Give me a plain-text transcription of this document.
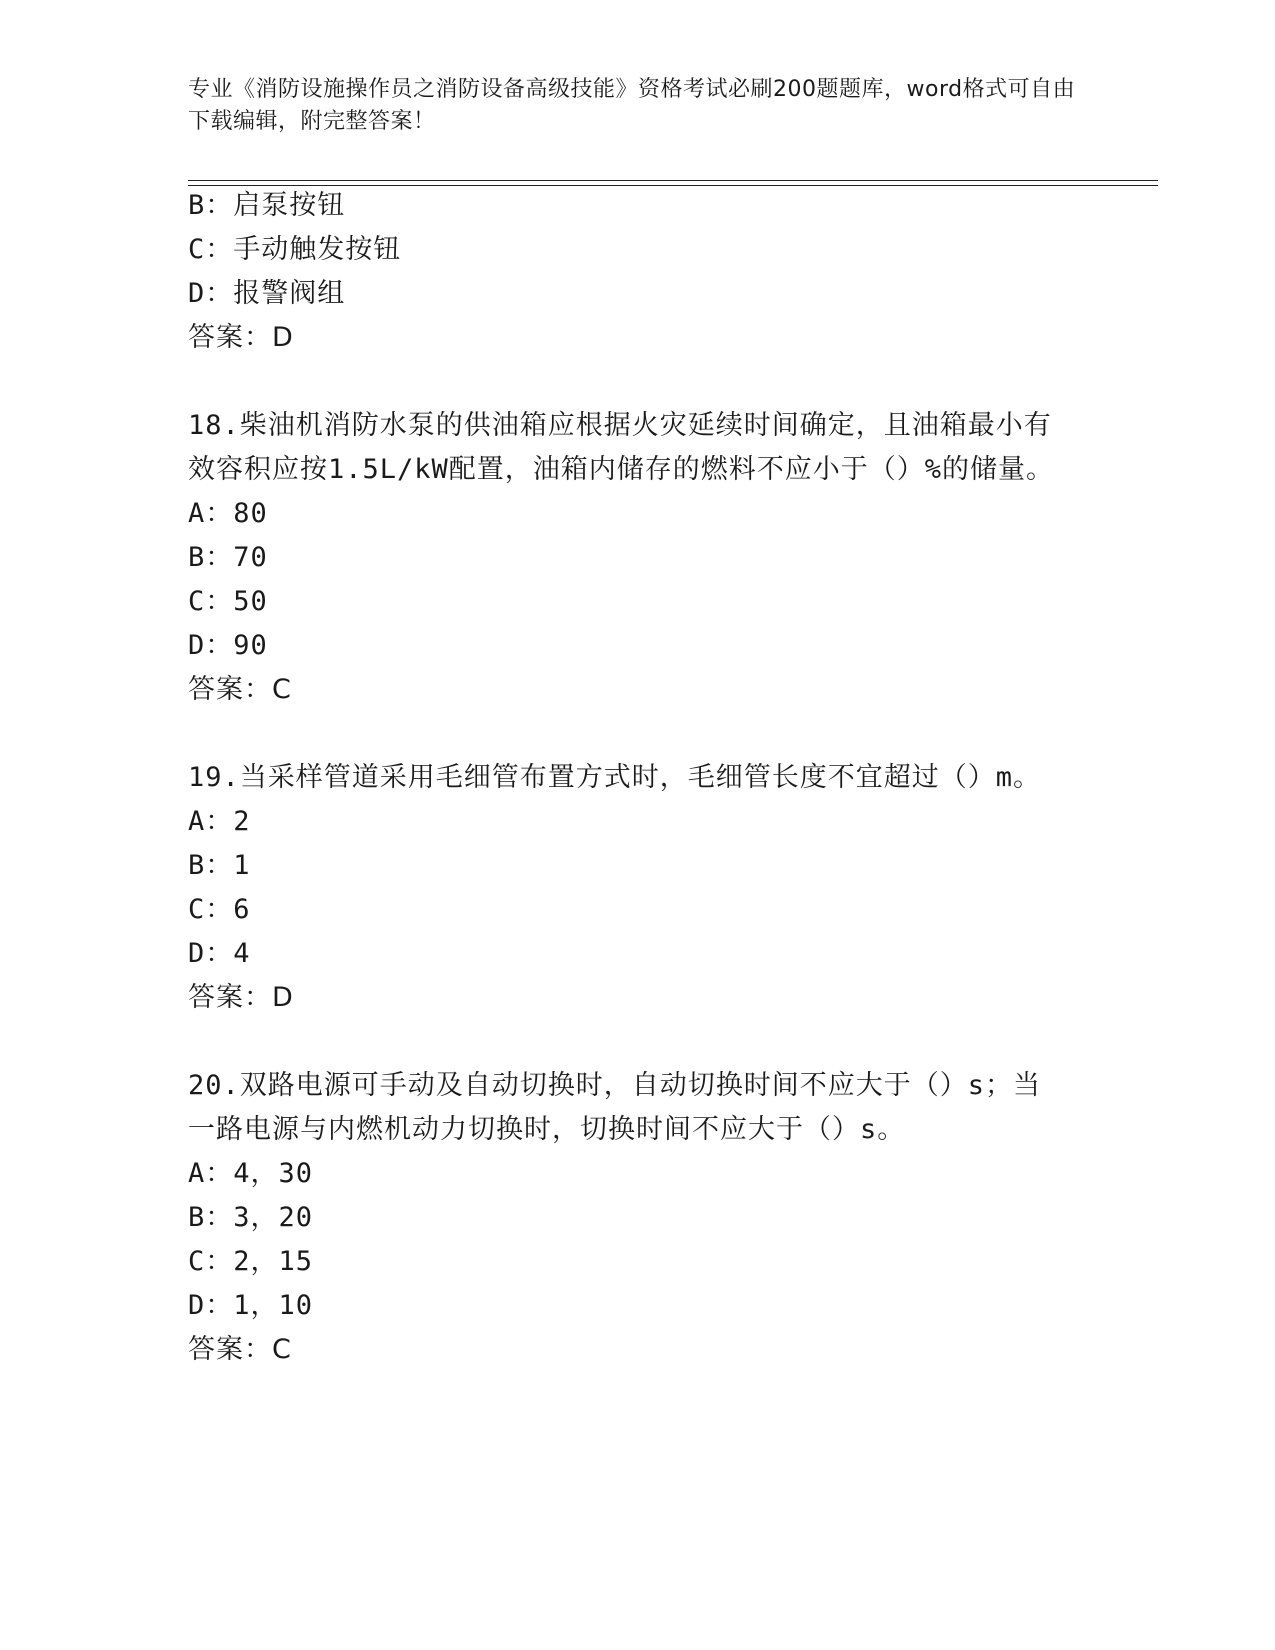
专业《消防设施操作员之消防设备高级技能》资格考试必刷200题题库，word格式可自由下载编辑，附完整答案！
B：启泵按钮
C：手动触发按钮
D：报警阀组
答案：D
18.柴油机消防水泵的供油箱应根据火灾延续时间确定，且油箱最小有
效容积应按1.5L/kW配置，油箱内储存的燃料不应小于（）%的储量。
A：80
B：70
C：50
D：90
答案：C
19.当采样管道采用毛细管布置方式时，毛细管长度不宜超过（）m。
A：2
B：1
C：6
D：4
答案：D
20.双路电源可手动及自动切换时，自动切换时间不应大于（）s；当
一路电源与内燃机动力切换时，切换时间不应大于（）s。
A：4，30
B：3，20
C：2，15
D：1，10
答案：C
